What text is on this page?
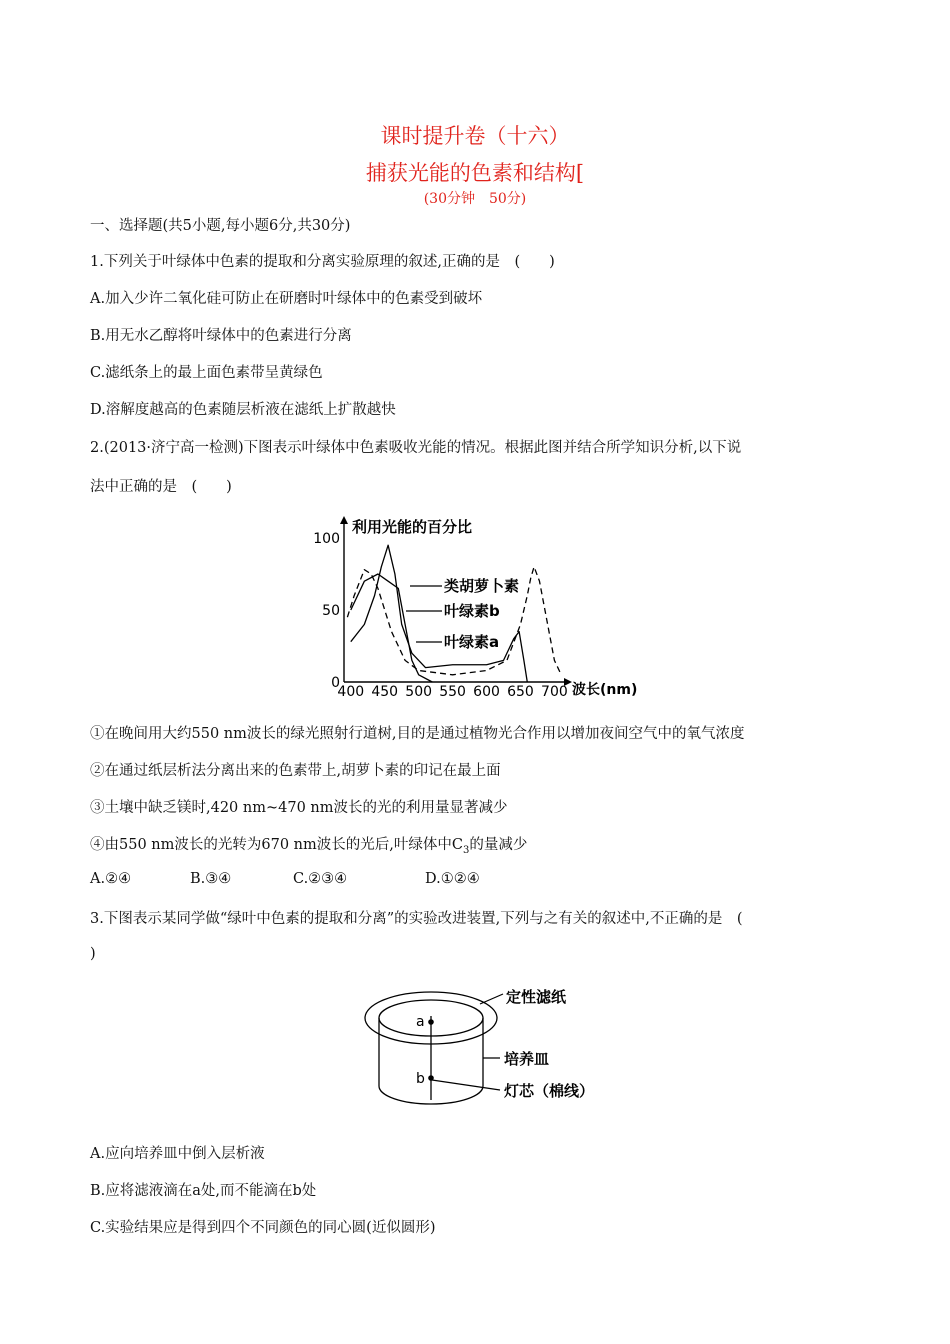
课时提升卷（十六）
捕获光能的色素和结构[
(30分钟　50分)
一、选择题(共5小题,每小题6分,共30分)
1.下列关于叶绿体中色素的提取和分离实验原理的叙述,正确的是　(　　)
A.加入少许二氧化硅可防止在研磨时叶绿体中的色素受到破坏
B.用无水乙醇将叶绿体中的色素进行分离
C.滤纸条上的最上面色素带呈黄绿色
D.溶解度越高的色素随层析液在滤纸上扩散越快
2.(2013·济宁高一检测)下图表示叶绿体中色素吸收光能的情况。根据此图并结合所学知识分析,以下说
法中正确的是　(　　)
利用光能的百分比
0
50
100
400 450 500 550 600 650 700 波长(nm)
类胡萝卜素
叶绿素b
叶绿素a
①在晚间用大约550 nm波长的绿光照射行道树,目的是通过植物光合作用以增加夜间空气中的氧气浓度
②在通过纸层析法分离出来的色素带上,胡萝卜素的印记在最上面
③土壤中缺乏镁时,420 nm~470 nm波长的光的利用量显著减少
④由550 nm波长的光转为670 nm波长的光后,叶绿体中$C_3$的量减少
A.②④	B.③④	C.②③④	D.①②④
3.下图表示某同学做“绿叶中色素的提取和分离”的实验改进装置,下列与之有关的叙述中,不正确的是　(
)
a
b
定性滤纸
培养皿
灯芯（棉线）
A.应向培养皿中倒入层析液
B.应将滤液滴在a处,而不能滴在b处
C.实验结果应是得到四个不同颜色的同心圆(近似圆形)
